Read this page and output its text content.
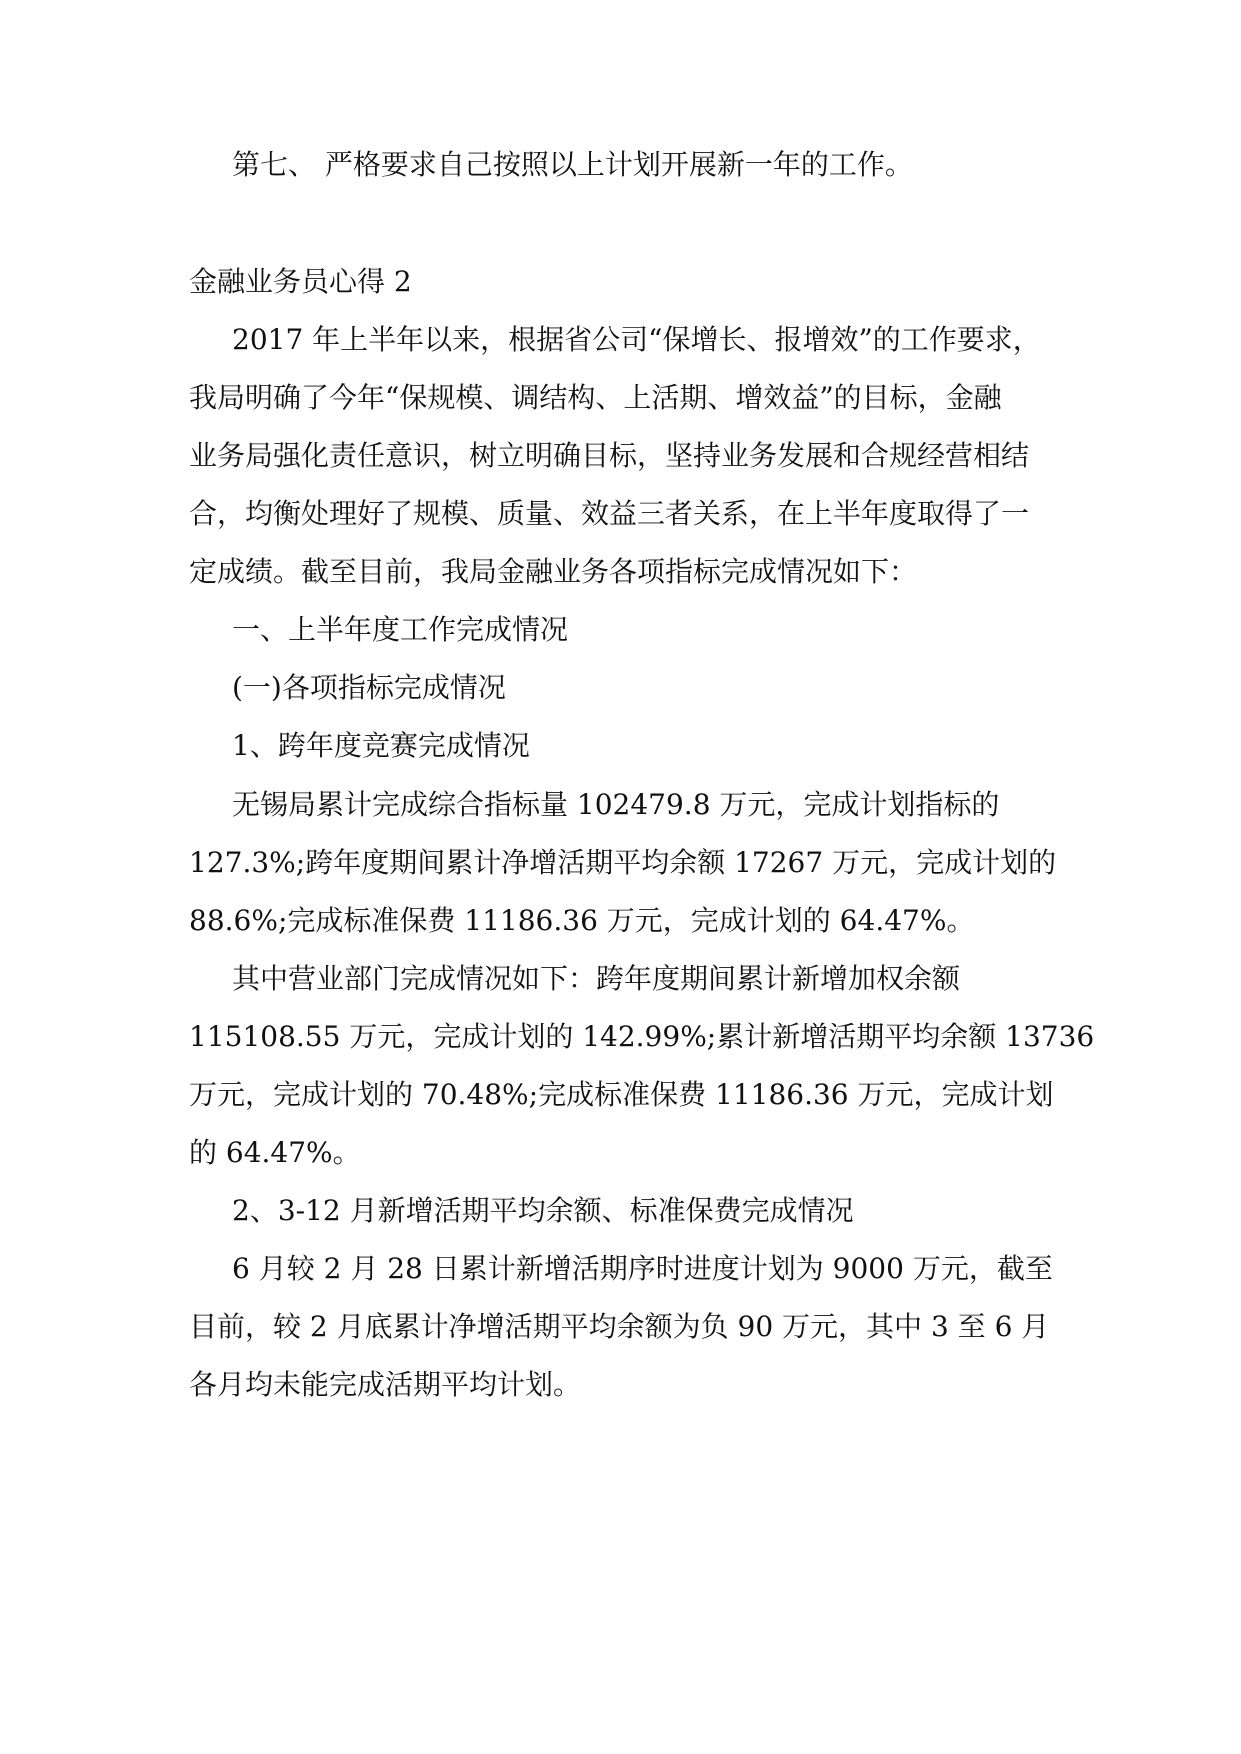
第七、 严格要求自己按照以上计划开展新一年的工作。
金融业务员心得 2
2017 年上半年以来，根据省公司“保增长、报增效”的工作要求，
我局明确了今年“保规模、调结构、上活期、增效益”的目标，金融
业务局强化责任意识，树立明确目标，坚持业务发展和合规经营相结
合，均衡处理好了规模、质量、效益三者关系，在上半年度取得了一
定成绩。截至目前，我局金融业务各项指标完成情况如下：
一、上半年度工作完成情况
(一)各项指标完成情况
1、跨年度竞赛完成情况
无锡局累计完成综合指标量 102479.8 万元，完成计划指标的
127.3%;跨年度期间累计净增活期平均余额 17267 万元，完成计划的
88.6%;完成标准保费 11186.36 万元，完成计划的 64.47%。
其中营业部门完成情况如下：跨年度期间累计新增加权余额
115108.55 万元，完成计划的 142.99%;累计新增活期平均余额 13736
万元，完成计划的 70.48%;完成标准保费 11186.36 万元，完成计划
的 64.47%。
2、3-12 月新增活期平均余额、标准保费完成情况
6 月较 2 月 28 日累计新增活期序时进度计划为 9000 万元，截至
目前，较 2 月底累计净增活期平均余额为负 90 万元，其中 3 至 6 月
各月均未能完成活期平均计划。
